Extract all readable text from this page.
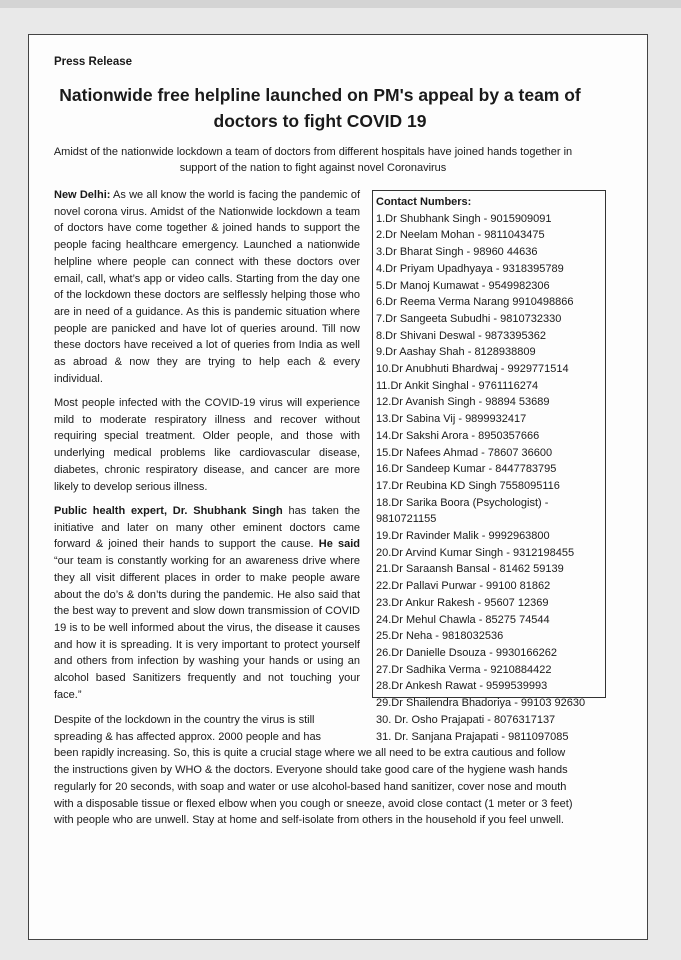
Press Release
Nationwide free helpline launched on PM's appeal by a team of doctors to fight COVID 19
Amidst of the nationwide lockdown a team of doctors from different hospitals have joined hands together in support of the nation to fight against novel Coronavirus

New Delhi: As we all know the world is facing the pandemic of novel corona virus. Amidst of the Nationwide lockdown a team of doctors have come together & joined hands to support the people facing healthcare emergency. Launched a nationwide helpline where people can connect with these doctors over email, call, what’s app or video calls. Starting from the day one of the lockdown these doctors are selflessly helping those who are in need of a guidance. As this is pandemic situation where people are panicked and have lot of queries around. Till now these doctors have received a lot of queries from India as well as abroad & now they are trying to help each & every individual.

Most people infected with the COVID-19 virus will experience mild to moderate respiratory illness and recover without requiring special treatment. Older people, and those with underlying medical problems like cardiovascular disease, diabetes, chronic respiratory disease, and cancer are more likely to develop serious illness.

Public health expert, Dr. Shubhank Singh has taken the initiative and later on many other eminent doctors came forward & joined their hands to support the cause. He said “our team is constantly working for an awareness drive where they all visit different places in order to make people aware about the do’s & don’ts during the pandemic. He also said that the best way to prevent and slow down transmission of COVID 19 is to be well informed about the virus, the disease it causes and how it is spreading. It is very important to protect yourself and others from infection by washing your hands or using an alcohol based Sanitizers frequently and not touching your face.”

Despite of the lockdown in the country the virus is still spreading & has affected approx. 2000 people and has
been rapidly increasing. So, this is quite a crucial stage where we all need to be extra cautious and follow the instructions given by WHO & the doctors. Everyone should take good care of the hygiene wash hands regularly for 20 seconds, with soap and water or use alcohol-based hand sanitizer, cover nose and mouth with a disposable tissue or flexed elbow when you cough or sneeze, avoid close contact (1 meter or 3 feet) with people who are unwell. Stay at home and self-isolate from others in the household if you feel unwell.
Contact Numbers:
1.Dr Shubhank Singh - 9015909091
2.Dr Neelam Mohan - 9811043475
3.Dr Bharat Singh - 98960 44636
4.Dr Priyam Upadhyaya - 9318395789
5.Dr Manoj Kumawat - 9549982306
6.Dr Reema Verma Narang 9910498866
7.Dr Sangeeta Subudhi - 9810732330
8.Dr Shivani Deswal - 9873395362
9.Dr Aashay Shah - 8128938809
10.Dr Anubhuti Bhardwaj - 9929771514
11.Dr Ankit Singhal - 9761116274
12.Dr Avanish Singh - 98894 53689
13.Dr Sabina Vij - 9899932417
14.Dr Sakshi Arora - 8950357666
15.Dr Nafees Ahmad - 78607 36600
16.Dr Sandeep Kumar - 8447783795
17.Dr Reubina KD Singh 7558095116
18.Dr Sarika Boora (Psychologist) -
9810721155
19.Dr Ravinder Malik - 9992963800
20.Dr Arvind Kumar Singh - 9312198455
21.Dr Saraansh Bansal - 81462 59139
22.Dr Pallavi Purwar - 99100 81862
23.Dr Ankur Rakesh - 95607 12369
24.Dr Mehul Chawla - 85275 74544
25.Dr Neha - 9818032536
26.Dr Danielle Dsouza - 9930166262
27.Dr Sadhika Verma - 9210884422
28.Dr Ankesh Rawat - 9599539993
29.Dr Shailendra Bhadoriya - 99103 92630
30. Dr. Osho Prajapati - 8076317137
31. Dr. Sanjana Prajapati - 9811097085
